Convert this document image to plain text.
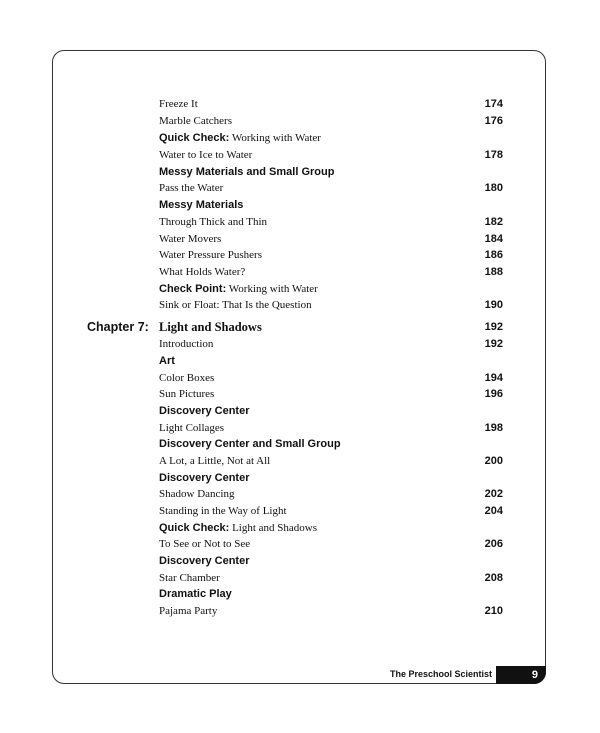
Freeze It	174
Marble Catchers	176
Quick Check: Working with Water
Water to Ice to Water	178
Messy Materials and Small Group
Pass the Water	180
Messy Materials
Through Thick and Thin	182
Water Movers	184
Water Pressure Pushers	186
What Holds Water?	188
Check Point: Working with Water
Sink or Float: That Is the Question	190
Chapter 7: Light and Shadows	192
Introduction	192
Art
Color Boxes	194
Sun Pictures	196
Discovery Center
Light Collages	198
Discovery Center and Small Group
A Lot, a Little, Not at All	200
Discovery Center
Shadow Dancing	202
Standing in the Way of Light	204
Quick Check: Light and Shadows
To See or Not to See	206
Discovery Center
Star Chamber	208
Dramatic Play
Pajama Party	210
The Preschool Scientist	9
